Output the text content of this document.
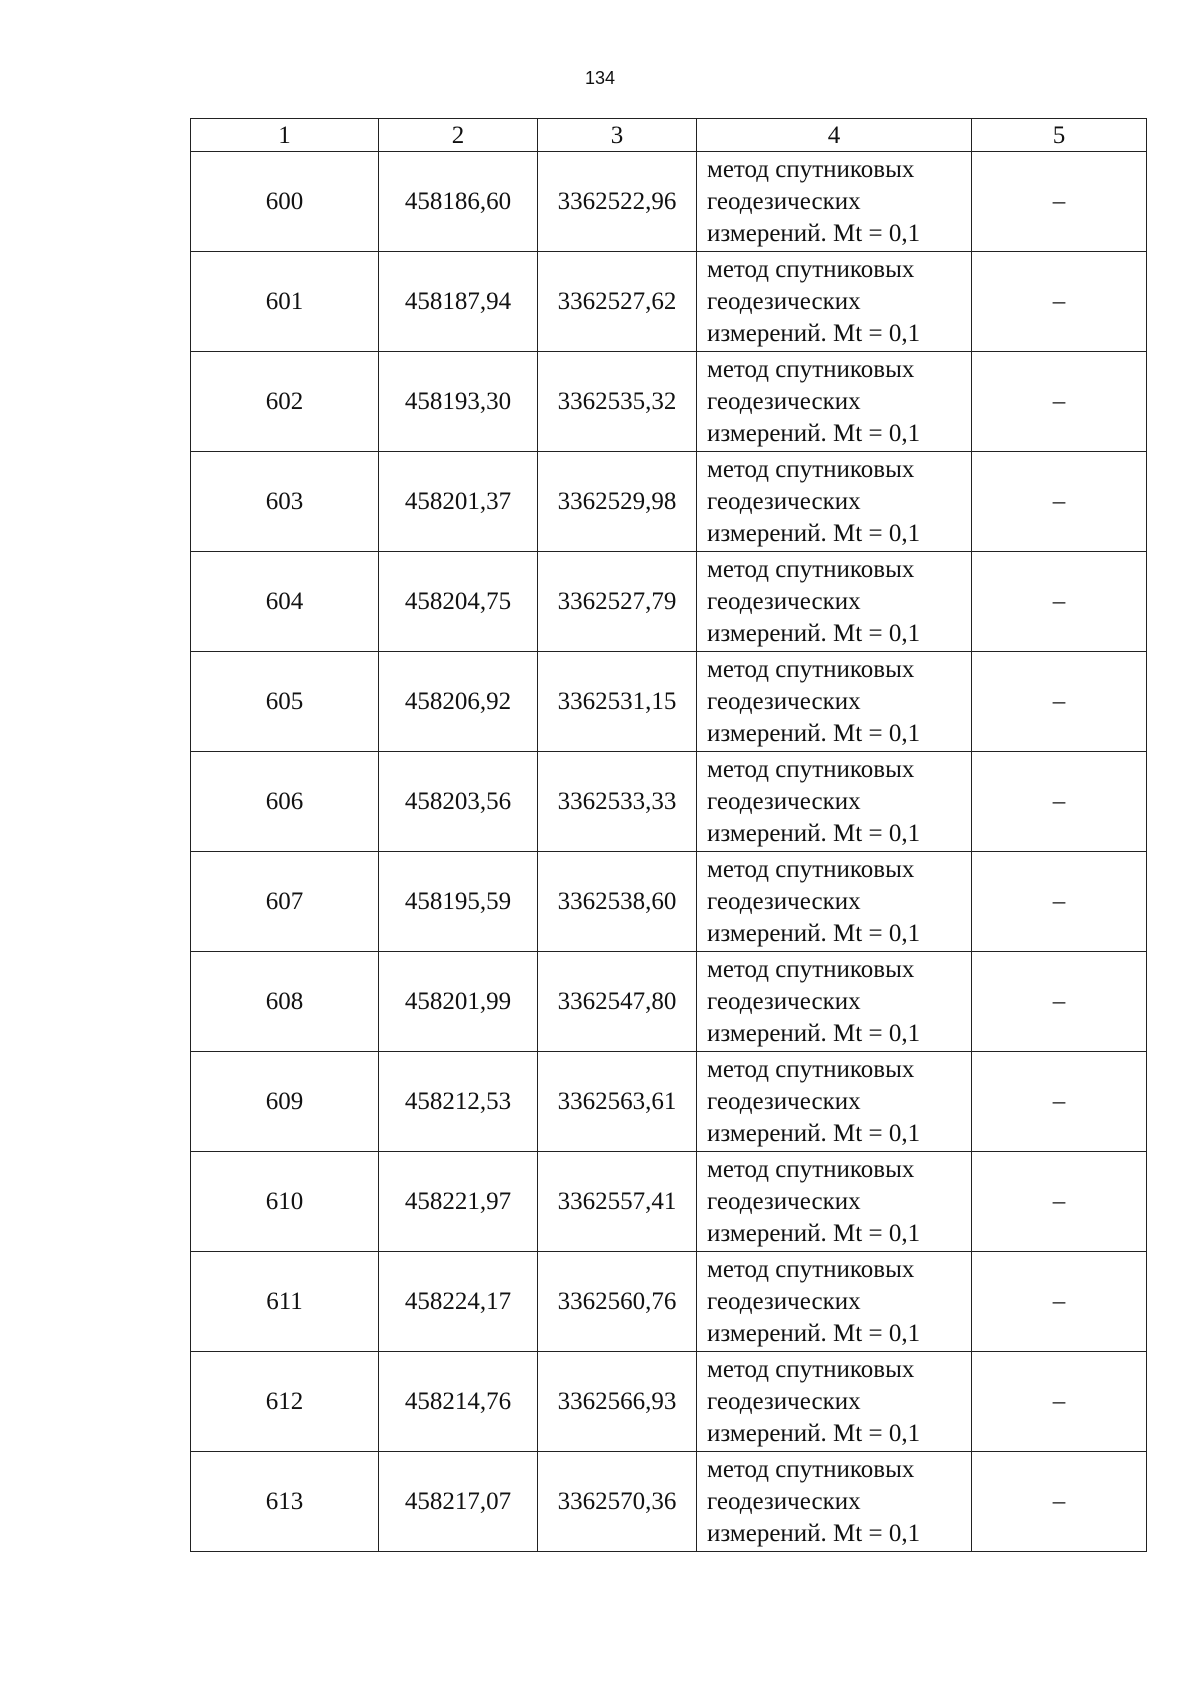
134
1	2	3	4	5
600	458186,60	3362522,96	метод спутниковых
геодезических
измерений. Mt = 0,1	–
601	458187,94	3362527,62	метод спутниковых
геодезических
измерений. Mt = 0,1	–
602	458193,30	3362535,32	метод спутниковых
геодезических
измерений. Mt = 0,1	–
603	458201,37	3362529,98	метод спутниковых
геодезических
измерений. Mt = 0,1	–
604	458204,75	3362527,79	метод спутниковых
геодезических
измерений. Mt = 0,1	–
605	458206,92	3362531,15	метод спутниковых
геодезических
измерений. Mt = 0,1	–
606	458203,56	3362533,33	метод спутниковых
геодезических
измерений. Mt = 0,1	–
607	458195,59	3362538,60	метод спутниковых
геодезических
измерений. Mt = 0,1	–
608	458201,99	3362547,80	метод спутниковых
геодезических
измерений. Mt = 0,1	–
609	458212,53	3362563,61	метод спутниковых
геодезических
измерений. Mt = 0,1	–
610	458221,97	3362557,41	метод спутниковых
геодезических
измерений. Mt = 0,1	–
611	458224,17	3362560,76	метод спутниковых
геодезических
измерений. Mt = 0,1	–
612	458214,76	3362566,93	метод спутниковых
геодезических
измерений. Mt = 0,1	–
613	458217,07	3362570,36	метод спутниковых
геодезических
измерений. Mt = 0,1	–
